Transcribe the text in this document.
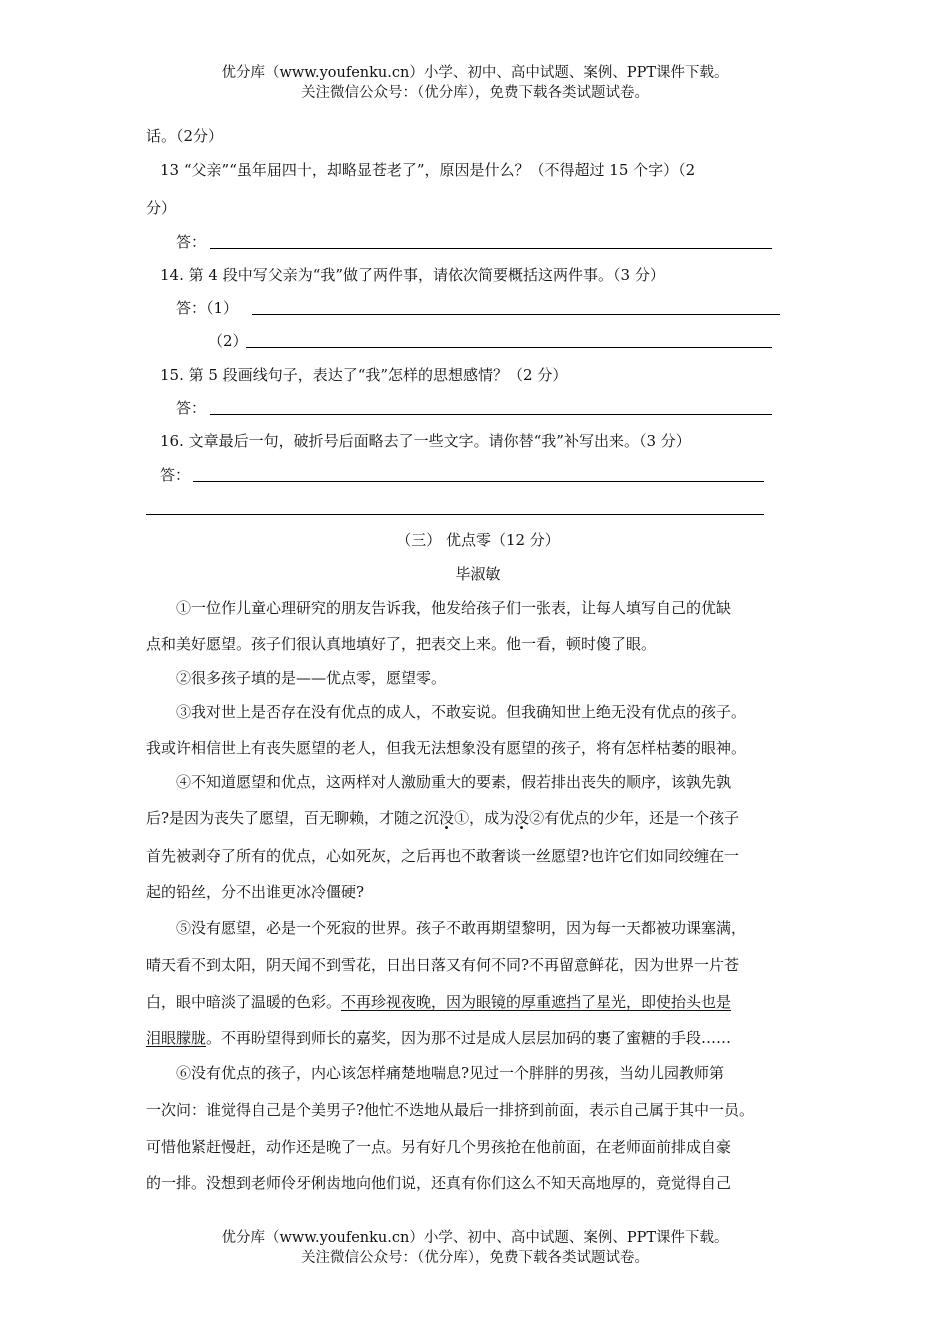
优分库（www.youfenku.cn）小学、初中、高中试题、案例、PPT课件下载。
关注微信公众号：（优分库），免费下载各类试题试卷。
话。（2分）
13 “父亲”“虽年届四十，却略显苍老了”，原因是什么？（不得超过 15 个字）（2
分）
答：
14. 第 4 段中写父亲为“我”做了两件事，请依次简要概括这两件事。（3 分）
答：（1）
（2）
15. 第 5 段画线句子，表达了“我”怎样的思想感情？（2 分）
答：
16. 文章最后一句，破折号后面略去了一些文字。请你替“我”补写出来。（3 分）
答：
（三） 优点零（12 分）
毕淑敏
①一位作儿童心理研究的朋友告诉我，他发给孩子们一张表，让每人填写自己的优缺
点和美好愿望。孩子们很认真地填好了，把表交上来。他一看，顿时傻了眼。
②很多孩子填的是——优点零，愿望零。
③我对世上是否存在没有优点的成人，不敢妄说。但我确知世上绝无没有优点的孩子。
我或许相信世上有丧失愿望的老人，但我无法想象没有愿望的孩子，将有怎样枯萎的眼神。
④不知道愿望和优点，这两样对人激励重大的要素，假若排出丧失的顺序，该孰先孰
后?是因为丧失了愿望，百无聊赖，才随之沉没①，成为没②有优点的少年，还是一个孩子
首先被剥夺了所有的优点，心如死灰，之后再也不敢奢谈一丝愿望?也许它们如同绞缠在一
起的铅丝，分不出谁更冰冷僵硬?
⑤没有愿望，必是一个死寂的世界。孩子不敢再期望黎明，因为每一天都被功课塞满，
晴天看不到太阳，阴天闻不到雪花，日出日落又有何不同?不再留意鲜花，因为世界一片苍
白，眼中暗淡了温暖的色彩。不再珍视夜晚，因为眼镜的厚重遮挡了星光，即使抬头也是
泪眼朦胧。不再盼望得到师长的嘉奖，因为那不过是成人层层加码的裹了蜜糖的手段……
⑥没有优点的孩子，内心该怎样痛楚地喘息?见过一个胖胖的男孩，当幼儿园教师第
一次问：谁觉得自己是个美男子?他忙不迭地从最后一排挤到前面，表示自己属于其中一员。
可惜他紧赶慢赶，动作还是晚了一点。另有好几个男孩抢在他前面，在老师面前排成自豪
的一排。没想到老师伶牙俐齿地向他们说，还真有你们这么不知天高地厚的，竟觉得自己
优分库（www.youfenku.cn）小学、初中、高中试题、案例、PPT课件下载。
关注微信公众号：（优分库），免费下载各类试题试卷。
